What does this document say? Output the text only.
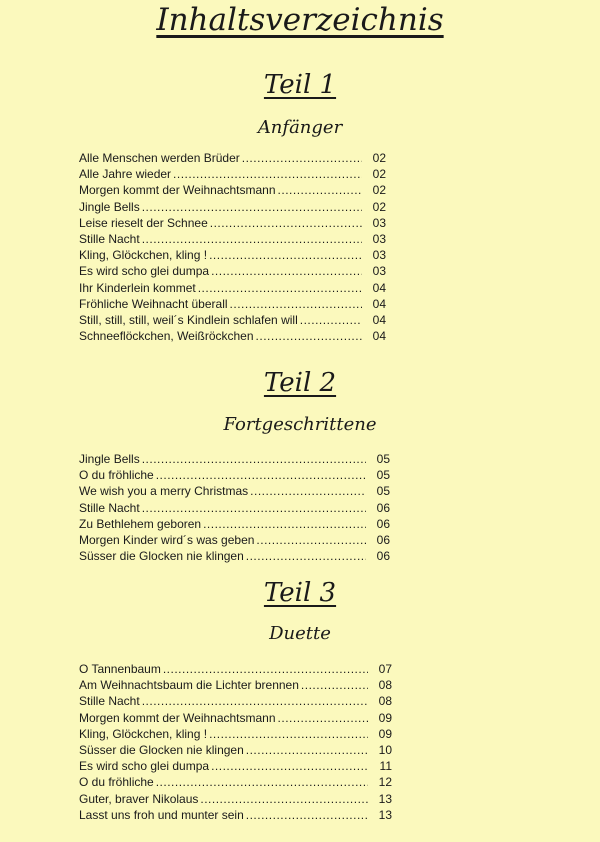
Inhaltsverzeichnis
Teil 1
Anfänger
Alle Menschen werden Brüder .....	02
Alle Jahre wieder .....	02
Morgen kommt der Weihnachtsmann .....	02
Jingle Bells .....	02
Leise rieselt der Schnee .....	03
Stille Nacht .....	03
Kling, Glöckchen, kling ! .....	03
Es wird scho glei dumpa .....	03
Ihr Kinderlein kommet .....	04
Fröhliche Weihnacht überall .....	04
Still, still, still, weil´s Kindlein schlafen will .....	04
Schneeflöckchen, Weißröckchen .....	04
Teil 2
Fortgeschrittene
Jingle Bells .....	05
O du fröhliche .....	05
We wish you a merry Christmas .....	05
Stille Nacht .....	06
Zu Bethlehem geboren .....	06
Morgen Kinder wird´s was geben .....	06
Süsser die Glocken nie klingen .....	06
Teil 3
Duette
O Tannenbaum .....	07
Am Weihnachtsbaum die Lichter brennen .....	08
Stille Nacht .....	08
Morgen kommt der Weihnachtsmann .....	09
Kling, Glöckchen, kling ! .....	09
Süsser die Glocken nie klingen .....	10
Es wird scho glei dumpa .....	11
O du fröhliche .....	12
Guter, braver Nikolaus .....	13
Lasst uns froh und munter sein .....	13
